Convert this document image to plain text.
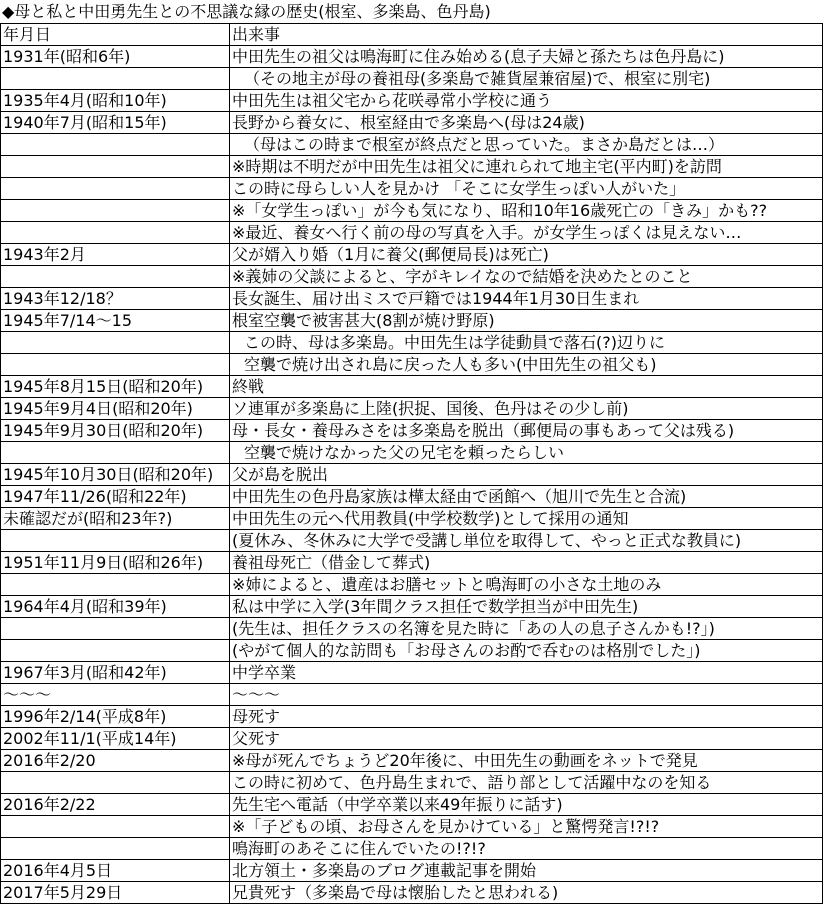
◆母と私と中田勇先生との不思議な縁の歴史(根室、多楽島、色丹島)
年月日	出来事
1931年(昭和6年)	中田先生の祖父は鳴海町に住み始める(息子夫婦と孫たちは色丹島に)
	（その地主が母の養祖母(多楽島で雑貨屋兼宿屋)で、根室に別宅)
1935年4月(昭和10年)	中田先生は祖父宅から花咲尋常小学校に通う
1940年7月(昭和15年)	長野から養女に、根室経由で多楽島へ(母は24歳)
	（母はこの時まで根室が終点だと思っていた。まさか島だとは…）
	※時期は不明だが中田先生は祖父に連れられて地主宅(平内町)を訪問
	この時に母らしい人を見かけ 「そこに女学生っぽい人がいた」
	※「女学生っぽい」が今も気になり、昭和10年16歳死亡の「きみ」かも??
	※最近、養女へ行く前の母の写真を入手。が女学生っぽくは見えない…
1943年2月	父が婿入り婚（1月に養父(郵便局長)は死亡)
	※義姉の父談によると、字がキレイなので結婚を決めたとのこと
1943年12/18？	長女誕生、届け出ミスで戸籍では1944年1月30日生まれ
1945年7/14～15	根室空襲で被害甚大(8割が焼け野原)
	この時、母は多楽島。中田先生は学徒動員で落石(?)辺りに
	空襲で焼け出され島に戻った人も多い(中田先生の祖父も)
1945年8月15日(昭和20年)	終戦
1945年9月4日(昭和20年)	ソ連軍が多楽島に上陸(択捉、国後、色丹はその少し前)
1945年9月30日(昭和20年)	母・長女・養母みさをは多楽島を脱出（郵便局の事もあって父は残る)
	空襲で焼けなかった父の兄宅を頼ったらしい
1945年10月30日(昭和20年)	父が島を脱出
1947年11/26(昭和22年)	中田先生の色丹島家族は樺太経由で函館へ（旭川で先生と合流)
未確認だが(昭和23年?)	中田先生の元へ代用教員(中学校数学)として採用の通知
	(夏休み、冬休みに大学で受講し単位を取得して、やっと正式な教員に)
1951年11月9日(昭和26年)	養祖母死亡（借金して葬式)
	※姉によると、遺産はお膳セットと鳴海町の小さな土地のみ
1964年4月(昭和39年)	私は中学に入学(3年間クラス担任で数学担当が中田先生)
	(先生は、担任クラスの名簿を見た時に「あの人の息子さんかも!?」)
	(やがて個人的な訪問も「お母さんのお酌で呑むのは格別でした」)
1967年3月(昭和42年)	中学卒業
～～～	～～～
1996年2/14(平成8年)	母死す
2002年11/1(平成14年)	父死す
2016年2/20	※母が死んでちょうど20年後に、中田先生の動画をネットで発見
	この時に初めて、色丹島生まれで、語り部として活躍中なのを知る
2016年2/22	先生宅へ電話（中学卒業以来49年振りに話す)
	※「子どもの頃、お母さんを見かけている」と驚愕発言!?!?
	鳴海町のあそこに住んでいたの!?!?
2016年4月5日	北方領土・多楽島のブログ連載記事を開始
2017年5月29日	兄貴死す（多楽島で母は懐胎したと思われる)
